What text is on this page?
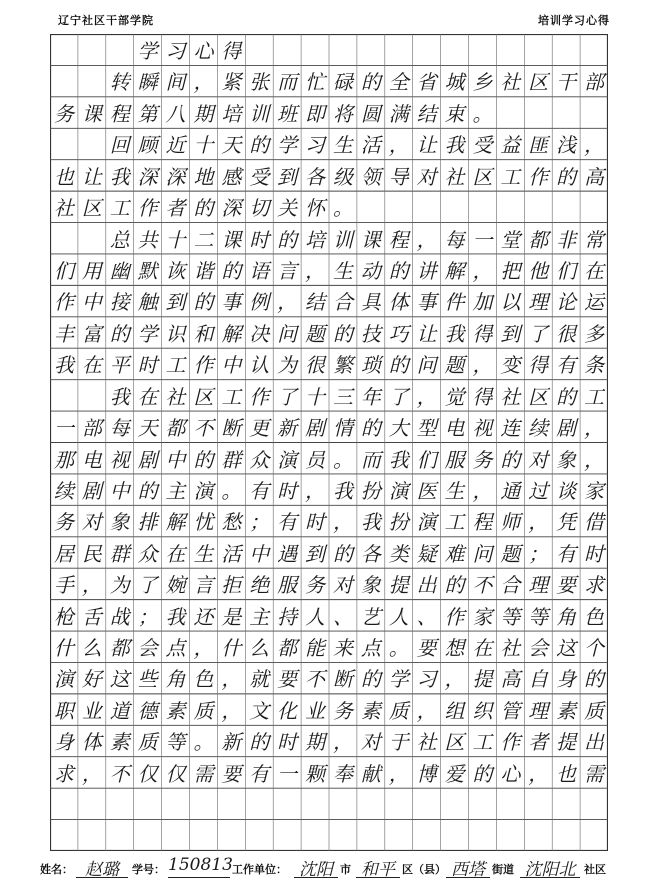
辽宁社区干部学院	培训学习心得

学 习 心 得

转 瞬 间 ， 紧 张 而 忙 碌 的 全 省 城 乡 社 区 干 部
务 课 程 第 八 期 培 训 班 即 将 圆 满 结 束 。

回 顾 近 十 天 的 学 习 生 活 ， 让 我 受 益 匪 浅 ，
也 让 我 深 深 地 感 受 到 各 级 领 导 对 社 区 工 作 的 高
社 区 工 作 者 的 深 切 关 怀 。

总 共 十 二 课 时 的 培 训 课 程 ， 每 一 堂 都 非 常
们 用 幽 默 诙 谐 的 语 言 ， 生 动 的 讲 解 ， 把 他 们 在
作 中 接 触 到 的 事 例 ， 结 合 具 体 事 件 加 以 理 论 运
丰 富 的 学 识 和 解 决 问 题 的 技 巧 让 我 得 到 了 很 多
我 在 平 时 工 作 中 认 为 很 繁 琐 的 问 题 ， 变 得 有 条

我 在 社 区 工 作 了 十 三 年 了 ， 觉 得 社 区 的 工
一 部 每 天 都 不 断 更 新 剧 情 的 大 型 电 视 连 续 剧 ，
那 电 视 剧 中 的 群 众 演 员 。 而 我 们 服 务 的 对 象 ，
续 剧 中 的 主 演 。 有 时 ， 我 扮 演 医 生 ， 通 过 谈 家
务 对 象 排 解 忧 愁 ； 有 时 ， 我 扮 演 工 程 师 ， 凭 借
居 民 群 众 在 生 活 中 遇 到 的 各 类 疑 难 问 题 ； 有 时
手 ， 为 了 婉 言 拒 绝 服 务 对 象 提 出 的 不 合 理 要 求
枪 舌 战 ； 我 还 是 主 持 人 、 艺 人 、 作 家 等 等 角 色
什 么 都 会 点 ， 什 么 都 能 来 点 。 要 想 在 社 会 这 个
演 好 这 些 角 色 ， 就 要 不 断 的 学 习 ， 提 高 自 身 的
职 业 道 德 素 质 ， 文 化 业 务 素 质 ， 组 织 管 理 素 质
身 体 素 质 等 。 新 的 时 期 ， 对 于 社 区 工 作 者 提 出
求 ， 不 仅 仅 需 要 有 一 颗 奉 献 ， 博 爱 的 心 ， 也 需
姓名： 赵璐	学号： 150813 工作单位： 沈阳 市 和平 区（县） 西塔 街道 沈阳北 社区
